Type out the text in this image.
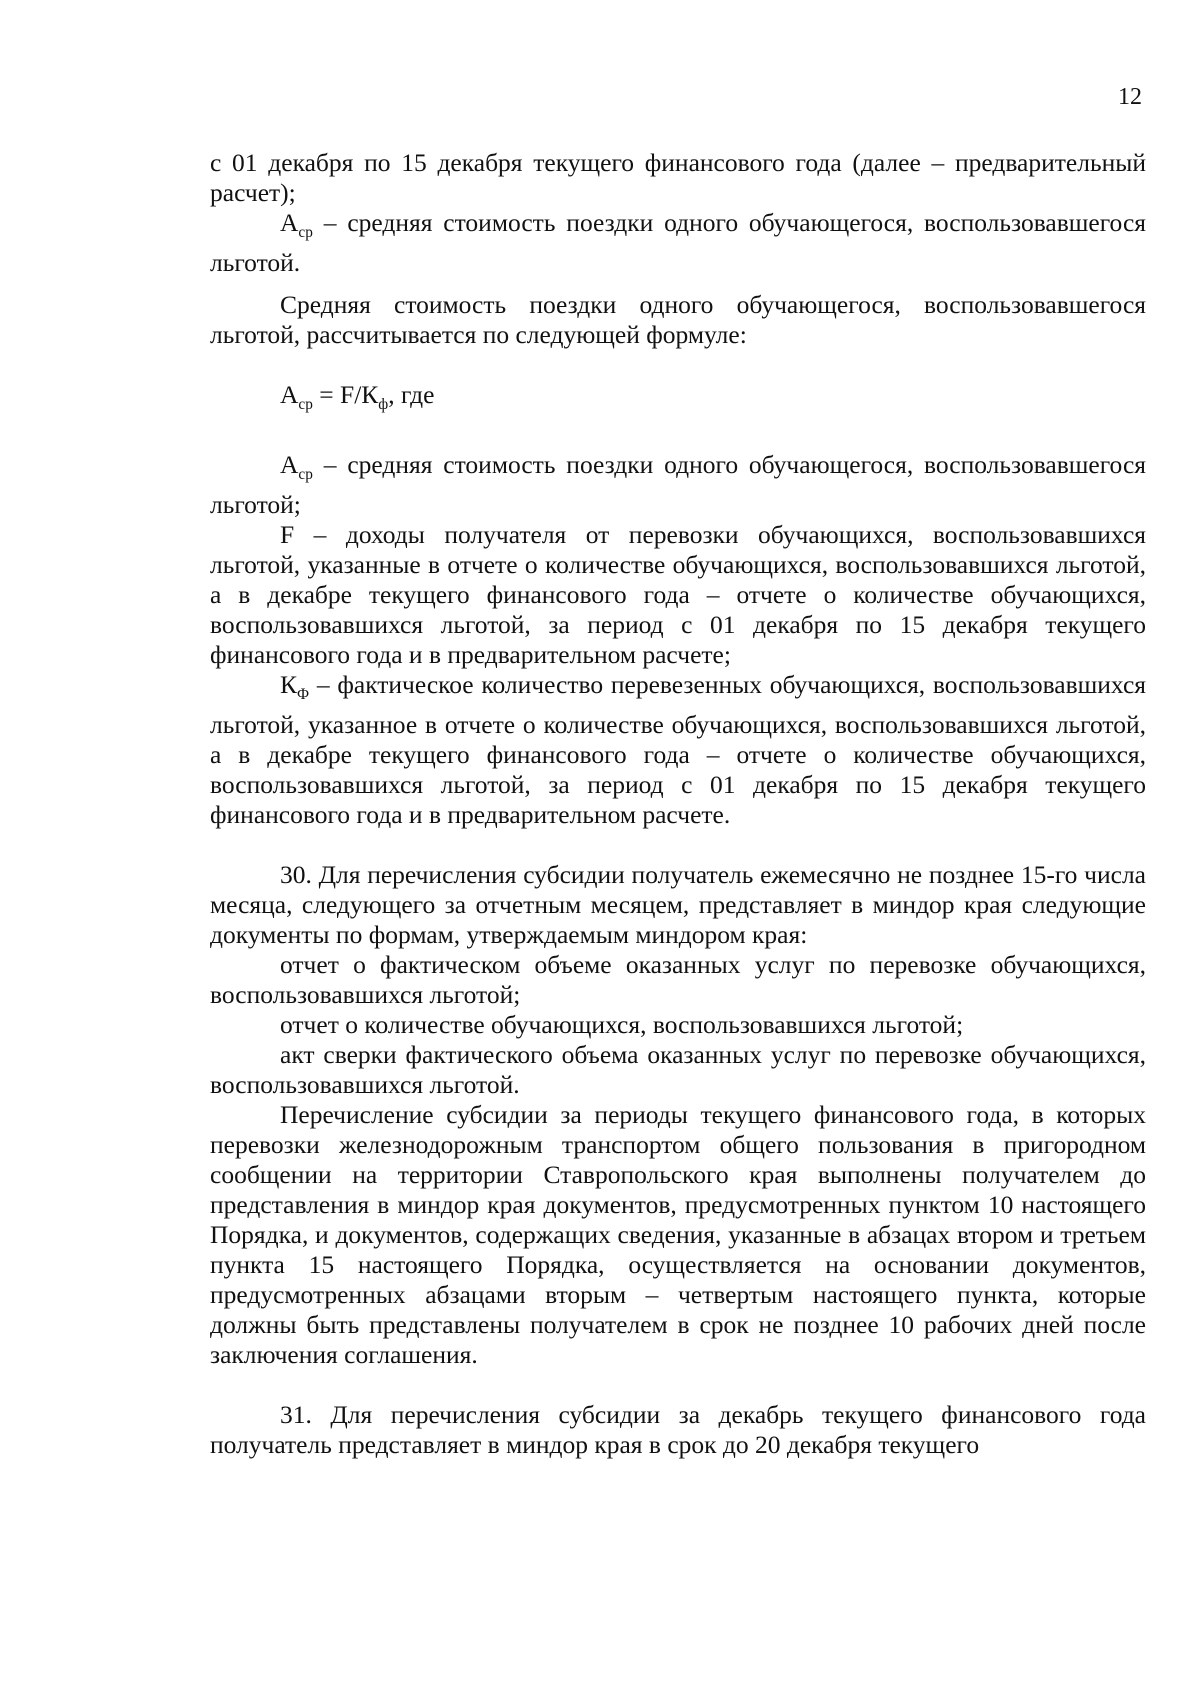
12

с 01 декабря по 15 декабря текущего финансового года (далее – предварительный расчет);

$А_{ср}$ – средняя стоимость поездки одного обучающегося, воспользовавшегося льготой.

Средняя стоимость поездки одного обучающегося, воспользовавшегося льготой, рассчитывается по следующей формуле:

$А_{ср} = F/К_ф$, где

$А_{ср}$ – средняя стоимость поездки одного обучающегося, воспользовавшегося льготой;

F – доходы получателя от перевозки обучающихся, воспользовавшихся льготой, указанные в отчете о количестве обучающихся, воспользовавшихся льготой, а в декабре текущего финансового года – отчете о количестве обучающихся, воспользовавшихся льготой, за период с 01 декабря по 15 декабря текущего финансового года и в предварительном расчете;

$К_Ф$ – фактическое количество перевезенных обучающихся, воспользовавшихся льготой, указанное в отчете о количестве обучающихся, воспользовавшихся льготой, а в декабре текущего финансового года – отчете о количестве обучающихся, воспользовавшихся льготой, за период с 01 декабря по 15 декабря текущего финансового года и в предварительном расчете.

30. Для перечисления субсидии получатель ежемесячно не позднее 15-го числа месяца, следующего за отчетным месяцем, представляет в миндор края следующие документы по формам, утверждаемым миндором края:

отчет о фактическом объеме оказанных услуг по перевозке обучающихся, воспользовавшихся льготой;

отчет о количестве обучающихся, воспользовавшихся льготой;

акт сверки фактического объема оказанных услуг по перевозке обучающихся, воспользовавшихся льготой.

Перечисление субсидии за периоды текущего финансового года, в которых перевозки железнодорожным транспортом общего пользования в пригородном сообщении на территории Ставропольского края выполнены получателем до представления в миндор края документов, предусмотренных пунктом 10 настоящего Порядка, и документов, содержащих сведения, указанные в абзацах втором и третьем пункта 15 настоящего Порядка, осуществляется на основании документов, предусмотренных абзацами вторым – четвертым настоящего пункта, которые должны быть представлены получателем в срок не позднее 10 рабочих дней после заключения соглашения.

31. Для перечисления субсидии за декабрь текущего финансового года получатель представляет в миндор края в срок до 20 декабря текущего
